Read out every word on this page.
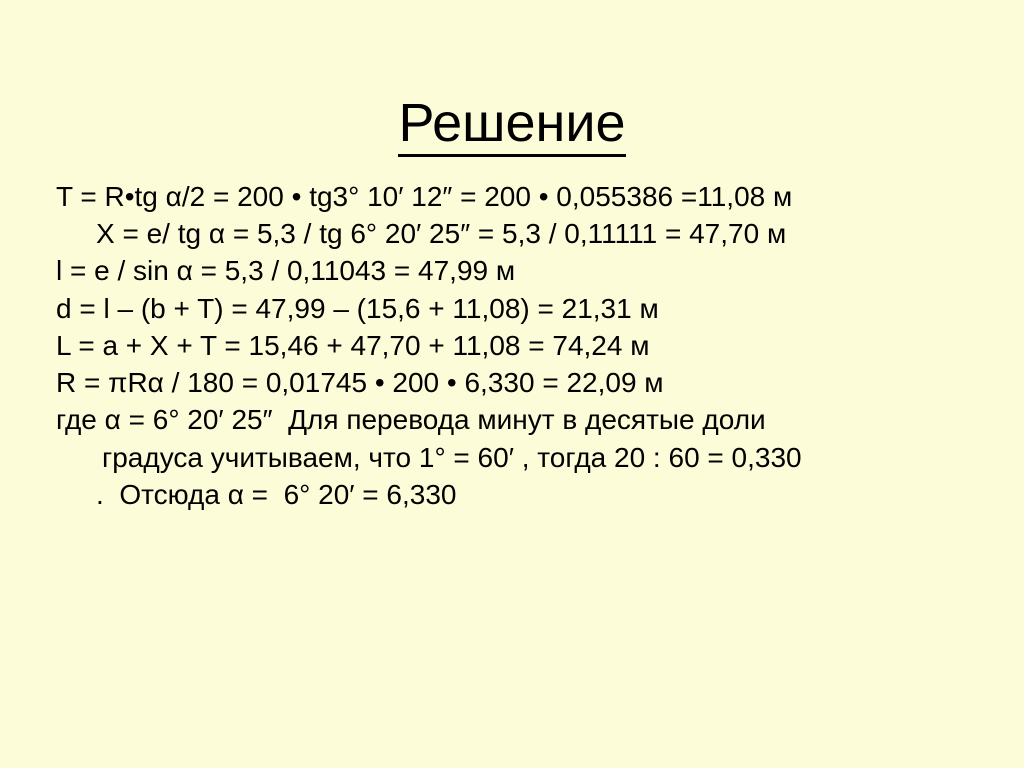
Решение
T = R•tg α/2 = 200 • tg3° 10′ 12″ = 200 • 0,055386 =11,08 м
X = e/ tg α = 5,3 / tg 6° 20′ 25″ = 5,3 / 0,11111 = 47,70 м
l = e / sin α = 5,3 / 0,11043 = 47,99 м
d = l – (b + T) = 47,99 – (15,6 + 11,08) = 21,31 м
L = a + X + T = 15,46 + 47,70 + 11,08 = 74,24 м
R = πRα / 180 = 0,01745 • 200 • 6,330 = 22,09 м
где α = 6° 20′ 25″  Для перевода минут в десятые доли
градуса учитываем, что 1° = 60′ , тогда 20 : 60 = 0,330
.  Отсюда α =  6° 20′ = 6,330
